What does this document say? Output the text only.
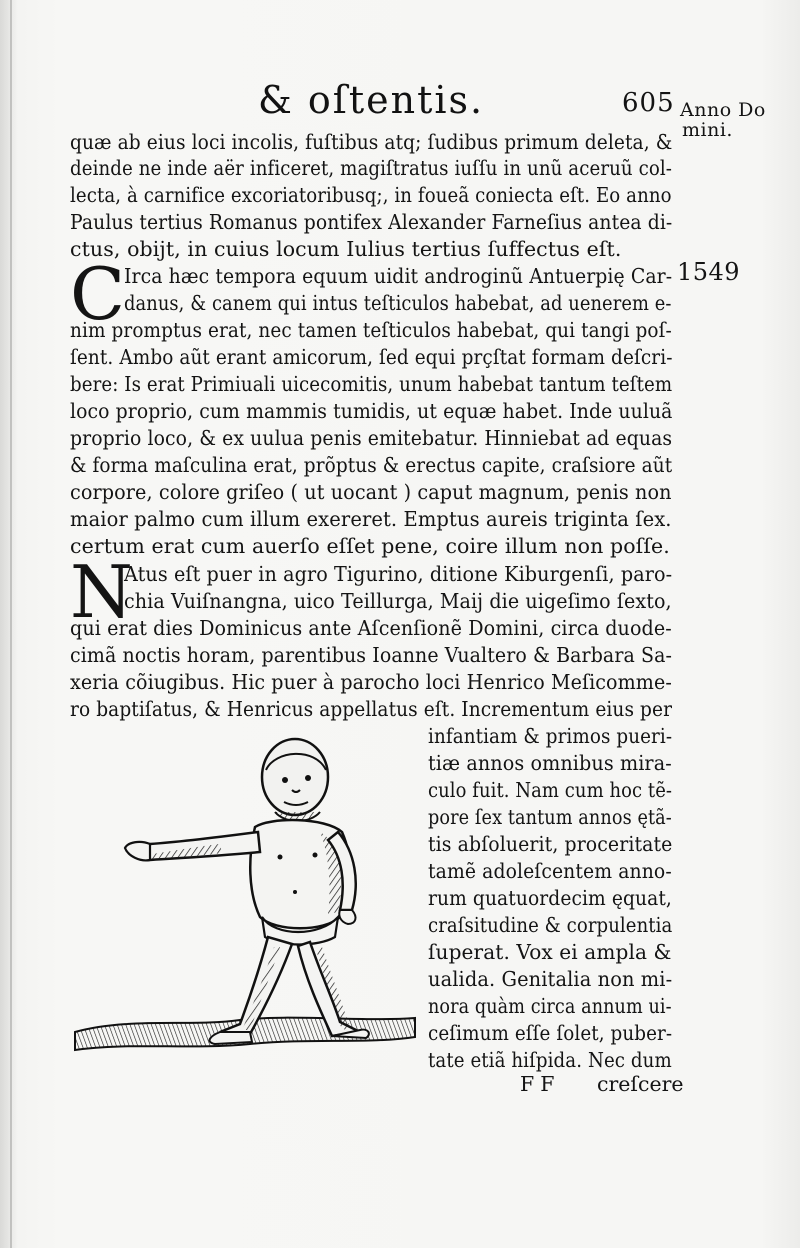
& oſtentis.	605 Anno Do
mini.
1549
quæ ab eius loci incolis, fuſtibus atq; ſudibus primum deleta, &
deinde ne inde aër inficeret, magiſtratus iuſſu in unũ aceruũ col-
lecta, à carnifice excoriatoribusq;, in foueã coniecta eſt. Eo anno
Paulus tertius Romanus pontifex Alexander Farneſius antea di-
ctus, obijt, in cuius locum Iulius tertius ſuffectus eſt.
C
Irca hæc tempora equum uidit androginũ Antuerpię Car-
danus, & canem qui intus teſticulos habebat, ad uenerem e-
nim promptus erat, nec tamen teſticulos habebat, qui tangi poſ-
ſent. Ambo aũt erant amicorum, ſed equi prçſtat formam deſcri-
bere: Is erat Primiuali uicecomitis, unum habebat tantum teſtem
loco proprio, cum mammis tumidis, ut equæ habet. Inde uuluã
proprio loco, & ex uulua penis emitebatur. Hinniebat ad equas
& forma maſculina erat, prõptus & erectus capite, craſsiore aũt
corpore, colore griſeo ( ut uocant ) caput magnum, penis non
maior palmo cum illum exereret. Emptus aureis triginta ſex.
certum erat cum auerſo eſſet pene, coire illum non poſſe.
N
Atus eſt puer in agro Tigurino, ditione Kiburgenſi, paro-
chia Vuiſnangna, uico Teillurga, Maij die uigeſimo ſexto,
qui erat dies Dominicus ante Aſcenſionẽ Domini, circa duode-
cimã noctis horam, parentibus Ioanne Vualtero & Barbara Sa-
xeria cõiugibus. Hic puer à parocho loci Henrico Meſicomme-
ro baptiſatus, & Henricus appellatus eſt. Incrementum eius per
infantiam & primos pueri-
tiæ annos omnibus mira-
culo fuit. Nam cum hoc tẽ-
pore ſex tantum annos ętã-
tis abſoluerit, proceritate
tamẽ adoleſcentem anno-
rum quatuordecim ęquat,
craſsitudine & corpulentia
ſuperat. Vox ei ampla &
ualida. Genitalia non mi-
nora quàm circa annum ui-
ceſimum eſſe ſolet, puber-
tate etiã hiſpida. Nec dum
FF creſcere
